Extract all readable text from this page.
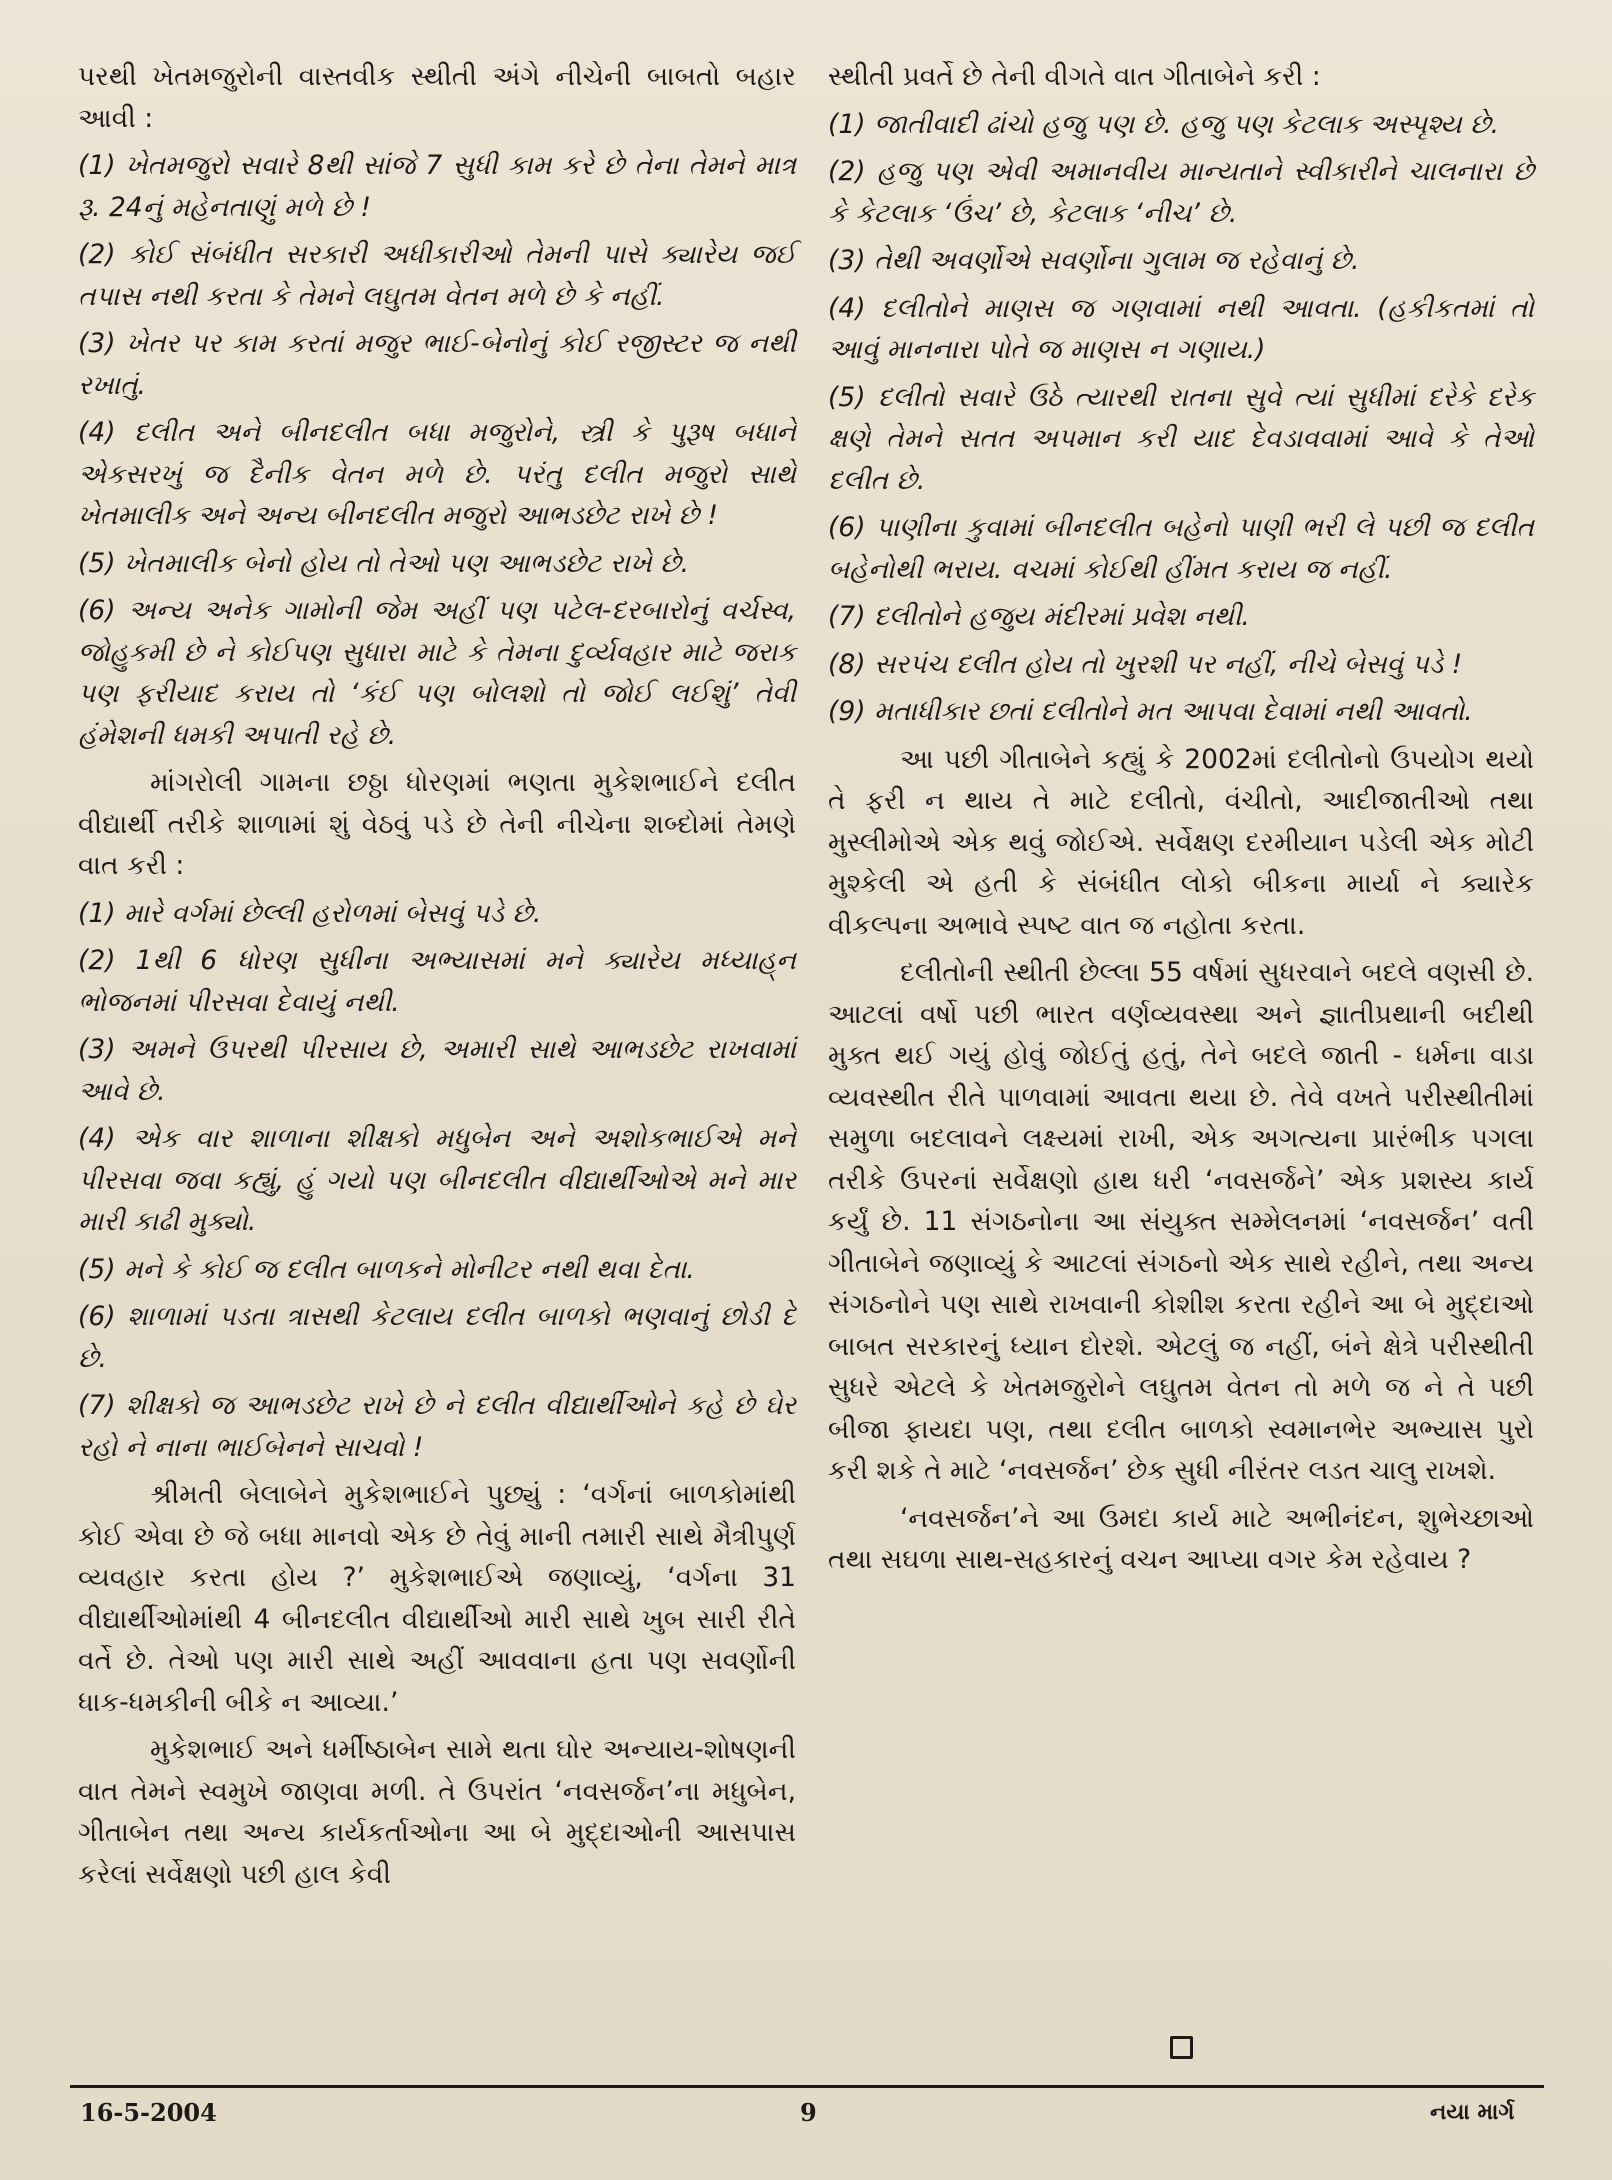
પરથી ખેતમજુરોની વાસ્તવીક સ્થીતી અંગે નીચેની બાબતો બહાર આવી :

(1) ખેતમજુરો સવારે 8થી સાંજે 7 સુધી કામ કરે છે તેના તેમને માત્ર રૂ. 24નું મહેનતાણું મળે છે !

(2) કોઈ સંબંધીત સરકારી અધીકારીઓ તેમની પાસે ક્યારેય જઈ તપાસ નથી કરતા કે તેમને લઘુતમ વેતન મળે છે કે નહીં.

(3) ખેતર પર કામ કરતાં મજુર ભાઈ-બેનોનું કોઈ રજીસ્ટર જ નથી રખાતું.

(4) દલીત અને બીનદલીત બધા મજુરોને, સ્ત્રી કે પુરૂષ બધાને એકસરખું જ દૈનીક વેતન મળે છે. પરંતુ દલીત મજુરો સાથે ખેતમાલીક અને અન્ય બીનદલીત મજુરો આભડછેટ રાખે છે !

(5) ખેતમાલીક બેનો હોય તો તેઓ પણ આભડછેટ રાખે છે.

(6) અન્ય અનેક ગામોની જેમ અહીં પણ પટેલ-દરબારોનું વર્ચસ્વ, જોહુકમી છે ને કોઈપણ સુધારા માટે કે તેમના દુર્વ્યવહાર માટે જરાક પણ ફરીયાદ કરાય તો ‘કંઈ પણ બોલશો તો જોઈ લઈશું’ તેવી હંમેશની ધમકી અપાતી રહે છે.

માંગરોલી ગામના છઠ્ઠા ધોરણમાં ભણતા મુકેશભાઈને દલીત વીદ્યાર્થી તરીકે શાળામાં શું વેઠવું પડે છે તેની નીચેના શબ્દોમાં તેમણે વાત કરી :

(1) મારે વર્ગમાં છેલ્લી હરોળમાં બેસવું પડે છે.

(2) 1થી 6 ધોરણ સુધીના અભ્યાસમાં મને ક્યારેય મધ્યાહ્‌ન ભોજનમાં પીરસવા દેવાયું નથી.

(3) અમને ઉપરથી પીરસાય છે, અમારી સાથે આભડછેટ રાખવામાં આવે છે.

(4) એક વાર શાળાના શીક્ષકો મધુબેન અને અશોકભાઈએ મને પીરસવા જવા કહ્યું, હું ગયો પણ બીનદલીત વીદ્યાર્થીઓએ મને માર મારી કાઢી મુક્યો.

(5) મને કે કોઈ જ દલીત બાળકને મોનીટર નથી થવા દેતા.

(6) શાળામાં પડતા ત્રાસથી કેટલાય દલીત બાળકો ભણવાનું છોડી દે છે.

(7) શીક્ષકો જ આભડછેટ રાખે છે ને દલીત વીદ્યાર્થીઓને કહે છે ઘેર રહો ને નાના ભાઈબેનને સાચવો !

શ્રીમતી બેલાબેને મુકેશભાઈને પુછ્યું : ‘વર્ગનાં બાળકોમાંથી કોઈ એવા છે જે બધા માનવો એક છે તેવું માની તમારી સાથે મૈત્રીપુર્ણ વ્યવહાર કરતા હોય ?’ મુકેશભાઈએ જણાવ્યું, ‘વર્ગના 31 વીદ્યાર્થીઓમાંથી 4 બીનદલીત વીદ્યાર્થીઓ મારી સાથે ખુબ સારી રીતે વર્તે છે. તેઓ પણ મારી સાથે અહીં આવવાના હતા પણ સવર્ણોની ધાક-ધમકીની બીકે ન આવ્યા.’

મુકેશભાઈ અને ધર્મીષ્ઠાબેન સામે થતા ઘોર અન્યાય-શોષણની વાત તેમને સ્વમુખે જાણવા મળી. તે ઉપરાંત ‘નવસર્જન’ના મધુબેન, ગીતાબેન તથા અન્ય કાર્યકર્તાઓના આ બે મુદ્દાઓની આસપાસ કરેલાં સર્વેક્ષણો પછી હાલ કેવી

સ્થીતી પ્રવર્તે છે તેની વીગતે વાત ગીતાબેને કરી :

(1) જાતીવાદી ઢાંચો હજુ પણ છે. હજુ પણ કેટલાક અસ્પૃશ્ય છે.

(2) હજુ પણ એવી અમાનવીય માન્યતાને સ્વીકારીને ચાલનારા છે કે કેટલાક ‘ઉંચ’ છે, કેટલાક ‘નીચ’ છે.

(3) તેથી અવર્ણોએ સવર્ણોના ગુલામ જ રહેવાનું છે.

(4) દલીતોને માણસ જ ગણવામાં નથી આવતા. (હકીકતમાં તો આવું માનનારા પોતે જ માણસ ન ગણાય.)

(5) દલીતો સવારે ઉઠે ત્યારથી રાતના સુવે ત્યાં સુધીમાં દરેકે દરેક ક્ષણે તેમને સતત અપમાન કરી યાદ દેવડાવવામાં આવે કે તેઓ દલીત છે.

(6) પાણીના કુવામાં બીનદલીત બહેનો પાણી ભરી લે પછી જ દલીત બહેનોથી ભરાય. વચમાં કોઈથી હીંમત કરાય જ નહીં.

(7) દલીતોને હજુય મંદીરમાં પ્રવેશ નથી.

(8) સરપંચ દલીત હોય તો ખુરશી પર નહીં, નીચે બેસવું પડે !

(9) મતાધીકાર છતાં દલીતોને મત આપવા દેવામાં નથી આવતો.

આ પછી ગીતાબેને કહ્યું કે 2002માં દલીતોનો ઉપયોગ થયો તે ફરી ન થાય તે માટે દલીતો, વંચીતો, આદીજાતીઓ તથા મુસ્લીમોએ એક થવું જોઈએ. સર્વેક્ષણ દરમીયાન પડેલી એક મોટી મુશ્કેલી એ હતી કે સંબંધીત લોકો બીકના માર્યા ને ક્યારેક વીકલ્પના અભાવે સ્પષ્ટ વાત જ નહોતા કરતા.

દલીતોની સ્થીતી છેલ્લા 55 વર્ષમાં સુધરવાને બદલે વણસી છે. આટલાં વર્ષો પછી ભારત વર્ણવ્યવસ્થા અને જ્ઞાતીપ્રથાની બદીથી મુક્ત થઈ ગયું હોવું જોઈતું હતું, તેને બદલે જાતી - ધર્મના વાડા વ્યવસ્થીત રીતે પાળવામાં આવતા થયા છે. તેવે વખતે પરીસ્થીતીમાં સમુળા બદલાવને લક્ષ્યમાં રાખી, એક અગત્યના પ્રારંભીક પગલા તરીકે ઉપરનાં સર્વેક્ષણો હાથ ધરી ‘નવસર્જને’ એક પ્રશસ્ય કાર્ય કર્યું છે. 11 સંગઠનોના આ સંયુક્ત સમ્મેલનમાં ‘નવસર્જન’ વતી ગીતાબેને જણાવ્યું કે આટલાં સંગઠનો એક સાથે રહીને, તથા અન્ય સંગઠનોને પણ સાથે રાખવાની કોશીશ કરતા રહીને આ બે મુદ્દાઓ બાબત સરકારનું ધ્યાન દોરશે. એટલું જ નહીં, બંને ક્ષેત્રે પરીસ્થીતી સુધરે એટલે કે ખેતમજુરોને લઘુતમ વેતન તો મળે જ ને તે પછી બીજા ફાયદા પણ, તથા દલીત બાળકો સ્વમાનભેર અભ્યાસ પુરો કરી શકે તે માટે ‘નવસર્જન’ છેક સુધી નીરંતર લડત ચાલુ રાખશે.

‘નવસર્જન’ને આ ઉમદા કાર્ય માટે અભીનંદન, શુભેચ્છાઓ તથા સઘળા સાથ-સહકારનું વચન આપ્યા વગર કેમ રહેવાય ?

16-5-2004	9	નયા માર્ગ
